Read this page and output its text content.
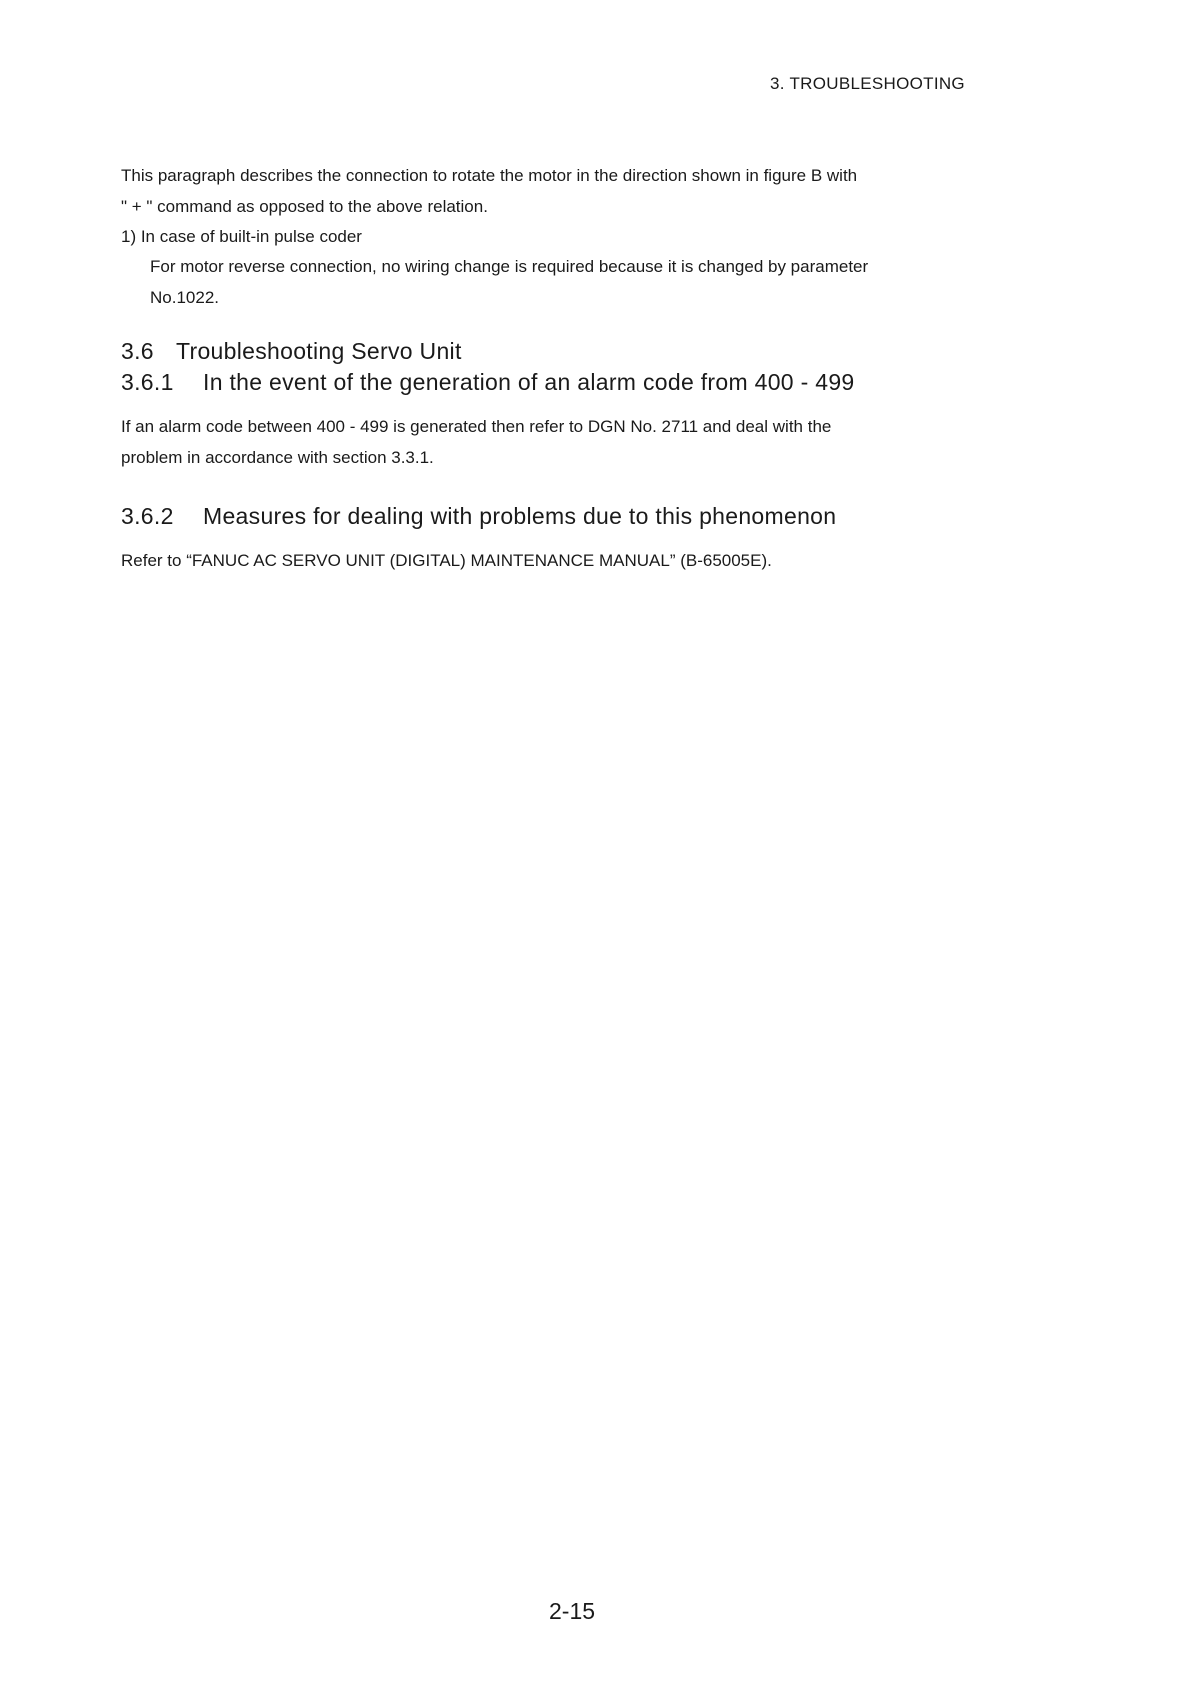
3. TROUBLESHOOTING

This paragraph describes the connection to rotate the motor in the direction shown in figure B with
" + " command as opposed to the above relation.

1) In case of built-in pulse coder

For motor reverse connection, no wiring change is required because it is changed by parameter
No.1022.

3.6 Troubleshooting Servo Unit
3.6.1 In the event of the generation of an alarm code from 400 - 499

If an alarm code between 400 - 499 is generated then refer to DGN No. 2711 and deal with the
problem in accordance with section 3.3.1.

3.6.2 Measures for dealing with problems due to this phenomenon

Refer to “FANUC AC SERVO UNIT (DIGITAL) MAINTENANCE MANUAL” (B-65005E).

2-15
